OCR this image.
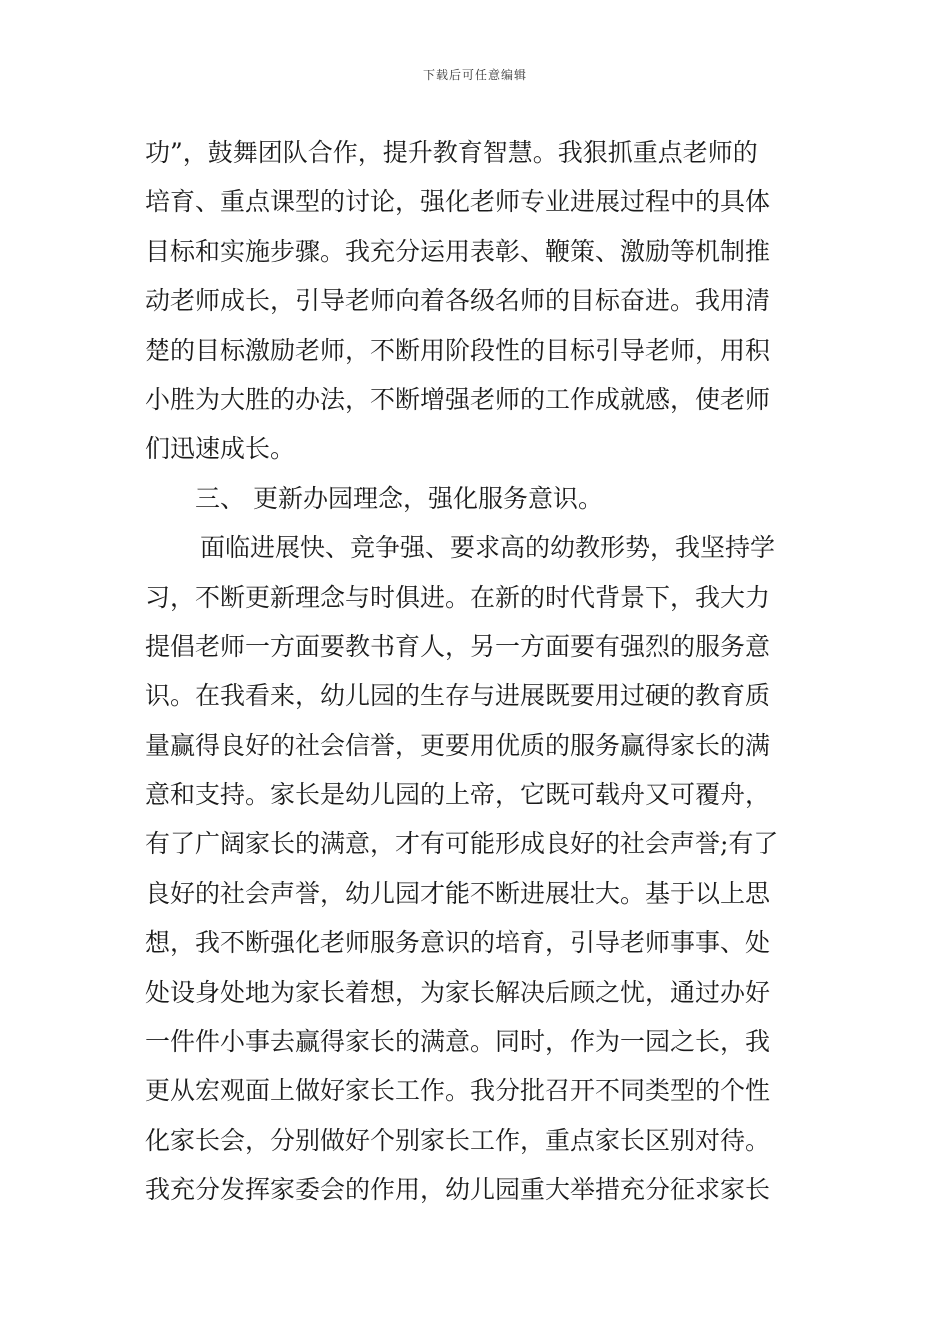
下载后可任意编辑
功”，鼓舞团队合作，提升教育智慧。我狠抓重点老师的
培育、重点课型的讨论，强化老师专业进展过程中的具体
目标和实施步骤。我充分运用表彰、鞭策、激励等机制推
动老师成长，引导老师向着各级名师的目标奋进。我用清
楚的目标激励老师，不断用阶段性的目标引导老师，用积
小胜为大胜的办法，不断增强老师的工作成就感，使老师
们迅速成长。
三、 更新办园理念，强化服务意识。
面临进展快、竞争强、要求高的幼教形势，我坚持学
习，不断更新理念与时俱进。在新的时代背景下，我大力
提倡老师一方面要教书育人，另一方面要有强烈的服务意
识。在我看来，幼儿园的生存与进展既要用过硬的教育质
量赢得良好的社会信誉，更要用优质的服务赢得家长的满
意和支持。家长是幼儿园的上帝，它既可载舟又可覆舟，
有了广阔家长的满意，才有可能形成良好的社会声誉;有了
良好的社会声誉，幼儿园才能不断进展壮大。基于以上思
想，我不断强化老师服务意识的培育，引导老师事事、处
处设身处地为家长着想，为家长解决后顾之忧，通过办好
一件件小事去赢得家长的满意。同时，作为一园之长，我
更从宏观面上做好家长工作。我分批召开不同类型的个性
化家长会，分别做好个别家长工作，重点家长区别对待。
我充分发挥家委会的作用，幼儿园重大举措充分征求家长
